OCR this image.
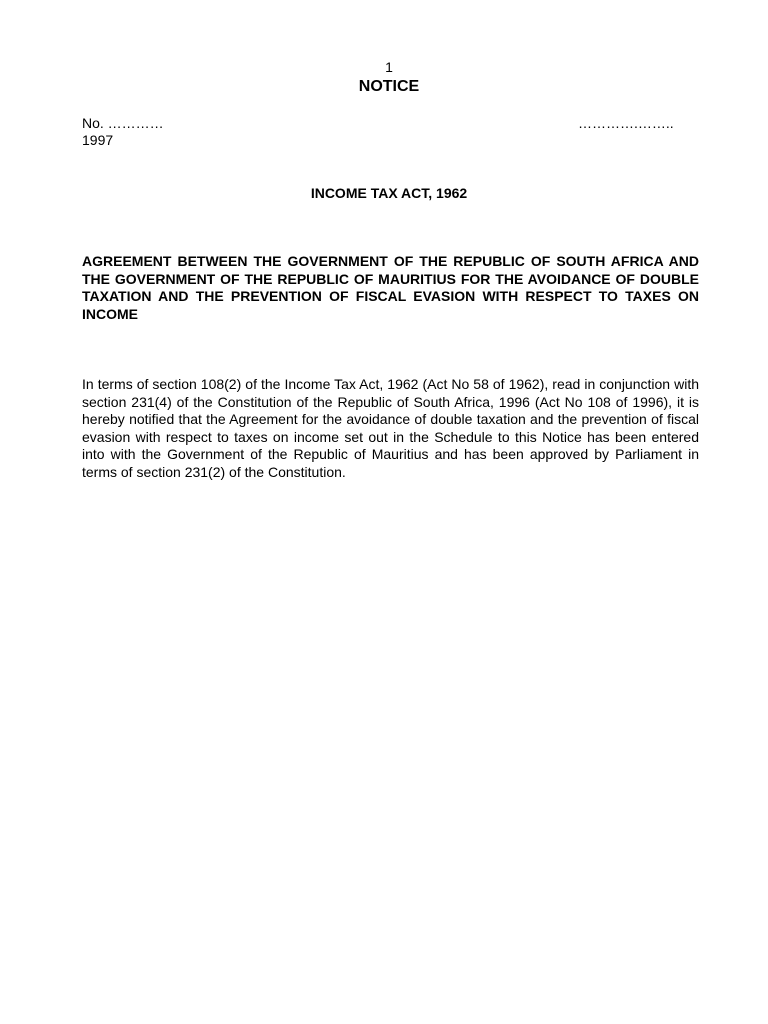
1
NOTICE
No. …………	………….……..
1997
INCOME TAX ACT, 1962

AGREEMENT BETWEEN THE GOVERNMENT OF THE REPUBLIC OF SOUTH AFRICA AND THE GOVERNMENT OF THE REPUBLIC OF MAURITIUS FOR THE AVOIDANCE OF DOUBLE TAXATION AND THE PREVENTION OF FISCAL EVASION WITH RESPECT TO TAXES ON INCOME

In terms of section 108(2) of the Income Tax Act, 1962 (Act No 58 of 1962), read in conjunction with section 231(4) of the Constitution of the Republic of South Africa, 1996 (Act No 108 of 1996), it is hereby notified that the Agreement for the avoidance of double taxation and the prevention of fiscal evasion with respect to taxes on income set out in the Schedule to this Notice has been entered into with the Government of the Republic of Mauritius and has been approved by Parliament in terms of section 231(2) of the Constitution.
